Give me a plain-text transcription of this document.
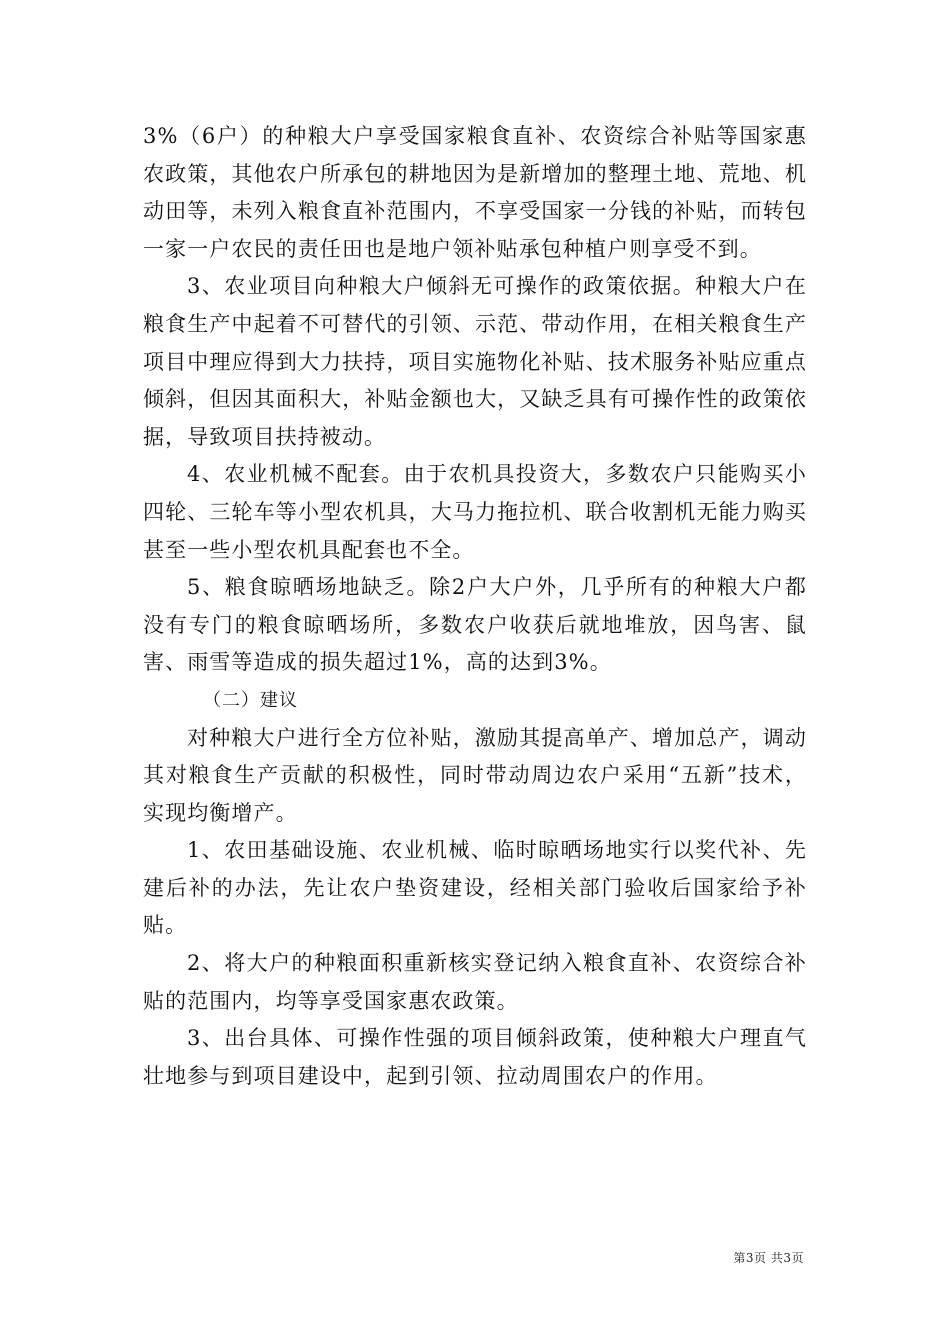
3%（6户）的种粮大户享受国家粮食直补、农资综合补贴等国家惠农政策，其他农户所承包的耕地因为是新增加的整理土地、荒地、机动田等，未列入粮食直补范围内，不享受国家一分钱的补贴，而转包一家一户农民的责任田也是地户领补贴承包种植户则享受不到。

3、农业项目向种粮大户倾斜无可操作的政策依据。种粮大户在粮食生产中起着不可替代的引领、示范、带动作用，在相关粮食生产项目中理应得到大力扶持，项目实施物化补贴、技术服务补贴应重点倾斜，但因其面积大，补贴金额也大，又缺乏具有可操作性的政策依据，导致项目扶持被动。

4、农业机械不配套。由于农机具投资大，多数农户只能购买小四轮、三轮车等小型农机具，大马力拖拉机、联合收割机无能力购买甚至一些小型农机具配套也不全。

5、粮食晾晒场地缺乏。除2户大户外，几乎所有的种粮大户都没有专门的粮食晾晒场所，多数农户收获后就地堆放，因鸟害、鼠害、雨雪等造成的损失超过1%，高的达到3%。

（二）建议

对种粮大户进行全方位补贴，激励其提高单产、增加总产，调动其对粮食生产贡献的积极性，同时带动周边农户采用“五新”技术，实现均衡增产。

1、农田基础设施、农业机械、临时晾晒场地实行以奖代补、先建后补的办法，先让农户垫资建设，经相关部门验收后国家给予补贴。

2、将大户的种粮面积重新核实登记纳入粮食直补、农资综合补贴的范围内，均等享受国家惠农政策。

3、出台具体、可操作性强的项目倾斜政策，使种粮大户理直气壮地参与到项目建设中，起到引领、拉动周围农户的作用。

第3页 共3页
